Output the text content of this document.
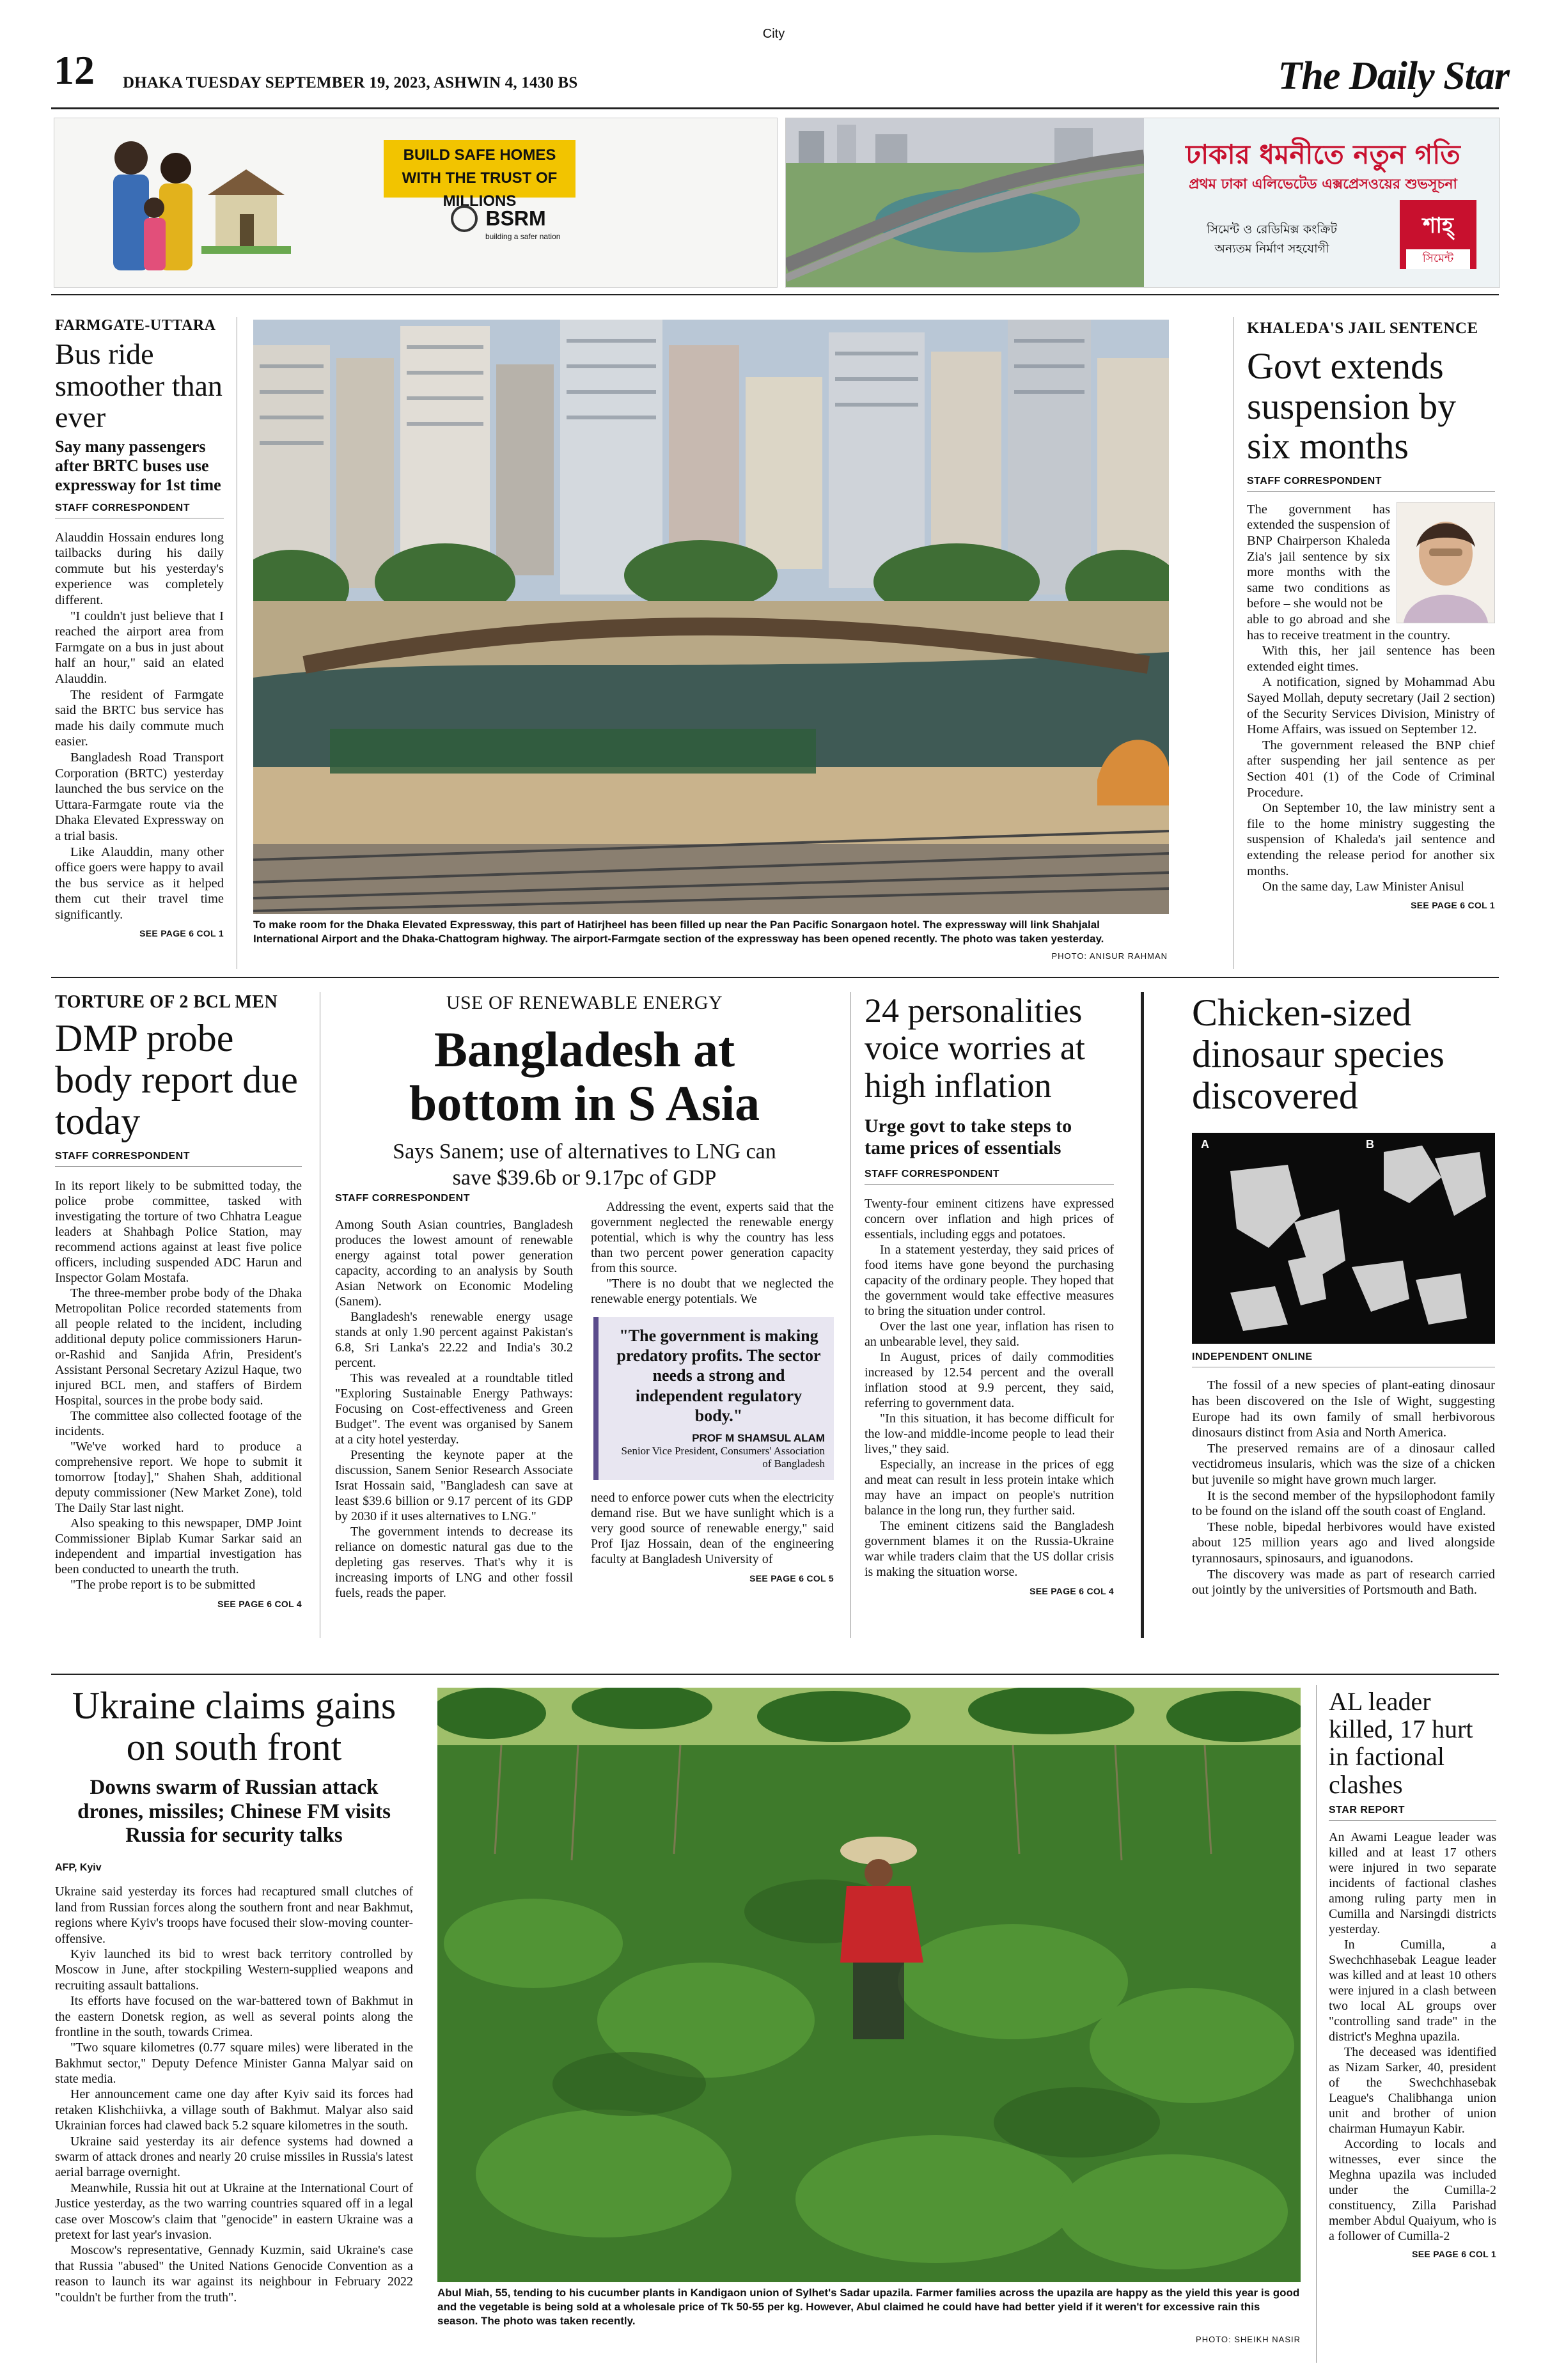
City
12 DHAKA TUESDAY SEPTEMBER 19, 2023, ASHWIN 4, 1430 BS	The Daily Star
BUILD SAFE HOMES
WITH THE TRUST OF MILLIONS
BSRM
building a safer nation
ঢাকার ধমনীতে নতুন গতি
প্রথম ঢাকা এলিভেটেড এক্সপ্রেসওয়ের শুভসূচনা
সিমেন্ট ও রেডিমিক্স কংক্রিট
অন্যতম নির্মাণ সহযোগী
শাহ্‌
সিমেন্ট
FARMGATE-UTTARA
Bus ride smoother than ever
Say many passengers after BRTC buses use expressway for 1st time
STAFF CORRESPONDENT

Alauddin Hossain endures long tailbacks during his daily commute but his yesterday's experience was completely different.

"I couldn't just believe that I reached the airport area from Farmgate on a bus in just about half an hour," said an elated Alauddin.

The resident of Farmgate said the BRTC bus service has made his daily commute much easier.

Bangladesh Road Transport Corporation (BRTC) yesterday launched the bus service on the Uttara-Farmgate route via the Dhaka Elevated Expressway on a trial basis.

Like Alauddin, many other office goers were happy to avail the bus service as it helped them cut their travel time significantly.

SEE PAGE 6 COL 1
To make room for the Dhaka Elevated Expressway, this part of Hatirjheel has been filled up near the Pan Pacific Sonargaon hotel. The expressway will link Shahjalal International Airport and the Dhaka-Chattogram highway. The airport-Farmgate section of the expressway has been opened recently. The photo was taken yesterday.
PHOTO: ANISUR RAHMAN
KHALEDA'S JAIL SENTENCE
Govt extends suspension by six months
STAFF CORRESPONDENT

The government has extended the suspension of BNP Chairperson Khaleda Zia's jail sentence by six more months with the same two conditions as before – she would not be

able to go abroad and she has to receive treatment in the country.

With this, her jail sentence has been extended eight times.

A notification, signed by Mohammad Abu Sayed Mollah, deputy secretary (Jail 2 section) of the Security Services Division, Ministry of Home Affairs, was issued on September 12.

The government released the BNP chief after suspending her jail sentence as per Section 401 (1) of the Code of Criminal Procedure.

On September 10, the law ministry sent a file to the home ministry suggesting the suspension of Khaleda's jail sentence and extending the release period for another six months.

On the same day, Law Minister Anisul

SEE PAGE 6 COL 1
TORTURE OF 2 BCL MEN
DMP probe body report due today
STAFF CORRESPONDENT

In its report likely to be submitted today, the police probe committee, tasked with investigating the torture of two Chhatra League leaders at Shahbagh Police Station, may recommend actions against at least five police officers, including suspended ADC Harun and Inspector Golam Mostafa.

The three-member probe body of the Dhaka Metropolitan Police recorded statements from all people related to the incident, including additional deputy police commissioners Harun-or-Rashid and Sanjida Afrin, President's Assistant Personal Secretary Azizul Haque, two injured BCL men, and staffers of Birdem Hospital, sources in the probe body said.

The committee also collected footage of the incidents.

"We've worked hard to produce a comprehensive report. We hope to submit it tomorrow [today]," Shahen Shah, additional deputy commissioner (New Market Zone), told The Daily Star last night.

Also speaking to this newspaper, DMP Joint Commissioner Biplab Kumar Sarkar said an independent and impartial investigation has been conducted to unearth the truth.

"The probe report is to be submitted

SEE PAGE 6 COL 4
USE OF RENEWABLE ENERGY
Bangladesh at bottom in S Asia
Says Sanem; use of alternatives to LNG can save $39.6b or 9.17pc of GDP
STAFF CORRESPONDENT

Among South Asian countries, Bangladesh produces the lowest amount of renewable energy against total power generation capacity, according to an analysis by South Asian Network on Economic Modeling (Sanem).

Bangladesh's renewable energy usage stands at only 1.90 percent against Pakistan's 6.8, Sri Lanka's 22.22 and India's 30.2 percent.

This was revealed at a roundtable titled "Exploring Sustainable Energy Pathways: Focusing on Cost-effectiveness and Green Budget". The event was organised by Sanem at a city hotel yesterday.

Presenting the keynote paper at the discussion, Sanem Senior Research Associate Israt Hossain said, "Bangladesh can save at least $39.6 billion or 9.17 percent of its GDP by 2030 if it uses alternatives to LNG."

The government intends to decrease its reliance on domestic natural gas due to the depleting gas reserves. That's why it is increasing imports of LNG and other fossil fuels, reads the paper.

Addressing the event, experts said that the government neglected the renewable energy potential, which is why the country has less than two percent power generation capacity from this source.

"There is no doubt that we neglected the renewable energy potentials. We

"The government is making predatory profits. The sector needs a strong and independent regulatory body."
PROF M SHAMSUL ALAM
Senior Vice President, Consumers' Association of Bangladesh

need to enforce power cuts when the electricity demand rise. But we have sunlight which is a very good source of renewable energy," said Prof Ijaz Hossain, dean of the engineering faculty at Bangladesh University of

SEE PAGE 6 COL 5
24 personalities voice worries at high inflation
Urge govt to take steps to tame prices of essentials
STAFF CORRESPONDENT

Twenty-four eminent citizens have expressed concern over inflation and high prices of essentials, including eggs and potatoes.

In a statement yesterday, they said prices of food items have gone beyond the purchasing capacity of the ordinary people. They hoped that the government would take effective measures to bring the situation under control.

Over the last one year, inflation has risen to an unbearable level, they said.

In August, prices of daily commodities increased by 12.54 percent and the overall inflation stood at 9.9 percent, they said, referring to government data.

"In this situation, it has become difficult for the low-and middle-income people to lead their lives," they said.

Especially, an increase in the prices of egg and meat can result in less protein intake which may have an impact on people's nutrition balance in the long run, they further said.

The eminent citizens said the Bangladesh government blames it on the Russia-Ukraine war while traders claim that the US dollar crisis is making the situation worse.

SEE PAGE 6 COL 4
Chicken-sized dinosaur species discovered
A	B
INDEPENDENT ONLINE

The fossil of a new species of plant-eating dinosaur has been discovered on the Isle of Wight, suggesting Europe had its own family of small herbivorous dinosaurs distinct from Asia and North America.

The preserved remains are of a dinosaur called vectidromeus insularis, which was the size of a chicken but juvenile so might have grown much larger.

It is the second member of the hypsilophodont family to be found on the island off the south coast of England.

These noble, bipedal herbivores would have existed about 125 million years ago and lived alongside tyrannosaurs, spinosaurs, and iguanodons.

The discovery was made as part of research carried out jointly by the universities of Portsmouth and Bath.

Ukraine claims gains on south front
Downs swarm of Russian attack drones, missiles; Chinese FM visits Russia for security talks
AFP, Kyiv

Ukraine said yesterday its forces had recaptured small clutches of land from Russian forces along the southern front and near Bakhmut, regions where Kyiv's troops have focused their slow-moving counter-offensive.

Kyiv launched its bid to wrest back territory controlled by Moscow in June, after stockpiling Western-supplied weapons and recruiting assault battalions.

Its efforts have focused on the war-battered town of Bakhmut in the eastern Donetsk region, as well as several points along the frontline in the south, towards Crimea.

"Two square kilometres (0.77 square miles) were liberated in the Bakhmut sector," Deputy Defence Minister Ganna Malyar said on state media.

Her announcement came one day after Kyiv said its forces had retaken Klishchiivka, a village south of Bakhmut. Malyar also said Ukrainian forces had clawed back 5.2 square kilometres in the south.

Ukraine said yesterday its air defence systems had downed a swarm of attack drones and nearly 20 cruise missiles in Russia's latest aerial barrage overnight.

Meanwhile, Russia hit out at Ukraine at the International Court of Justice yesterday, as the two warring countries squared off in a legal case over Moscow's claim that "genocide" in eastern Ukraine was a pretext for last year's invasion.

Moscow's representative, Gennady Kuzmin, said Ukraine's case that Russia "abused" the United Nations Genocide Convention as a reason to launch its war against its neighbour in February 2022 "couldn't be further from the truth".	Abul Miah, 55, tending to his cucumber plants in Kandigaon union of Sylhet's Sadar upazila. Farmer families across the upazila are happy as the yield this year is good and the vegetable is being sold at a wholesale price of Tk 50-55 per kg. However, Abul claimed he could have had better yield if it weren't for excessive rain this season. The photo was taken recently.
PHOTO: SHEIKH NASIR
AL leader killed, 17 hurt in factional clashes
STAR REPORT

An Awami League leader was killed and at least 17 others were injured in two separate incidents of factional clashes among ruling party men in Cumilla and Narsingdi districts yesterday.

In Cumilla, a Swechchhasebak League leader was killed and at least 10 others were injured in a clash between two local AL groups over "controlling sand trade" in the district's Meghna upazila.

The deceased was identified as Nizam Sarker, 40, president of the Swechchhasebak League's Chalibhanga union unit and brother of union chairman Humayun Kabir.

According to locals and witnesses, ever since the Meghna upazila was included under the Cumilla-2 constituency, Zilla Parishad member Abdul Quaiyum, who is a follower of Cumilla-2

SEE PAGE 6 COL 1
